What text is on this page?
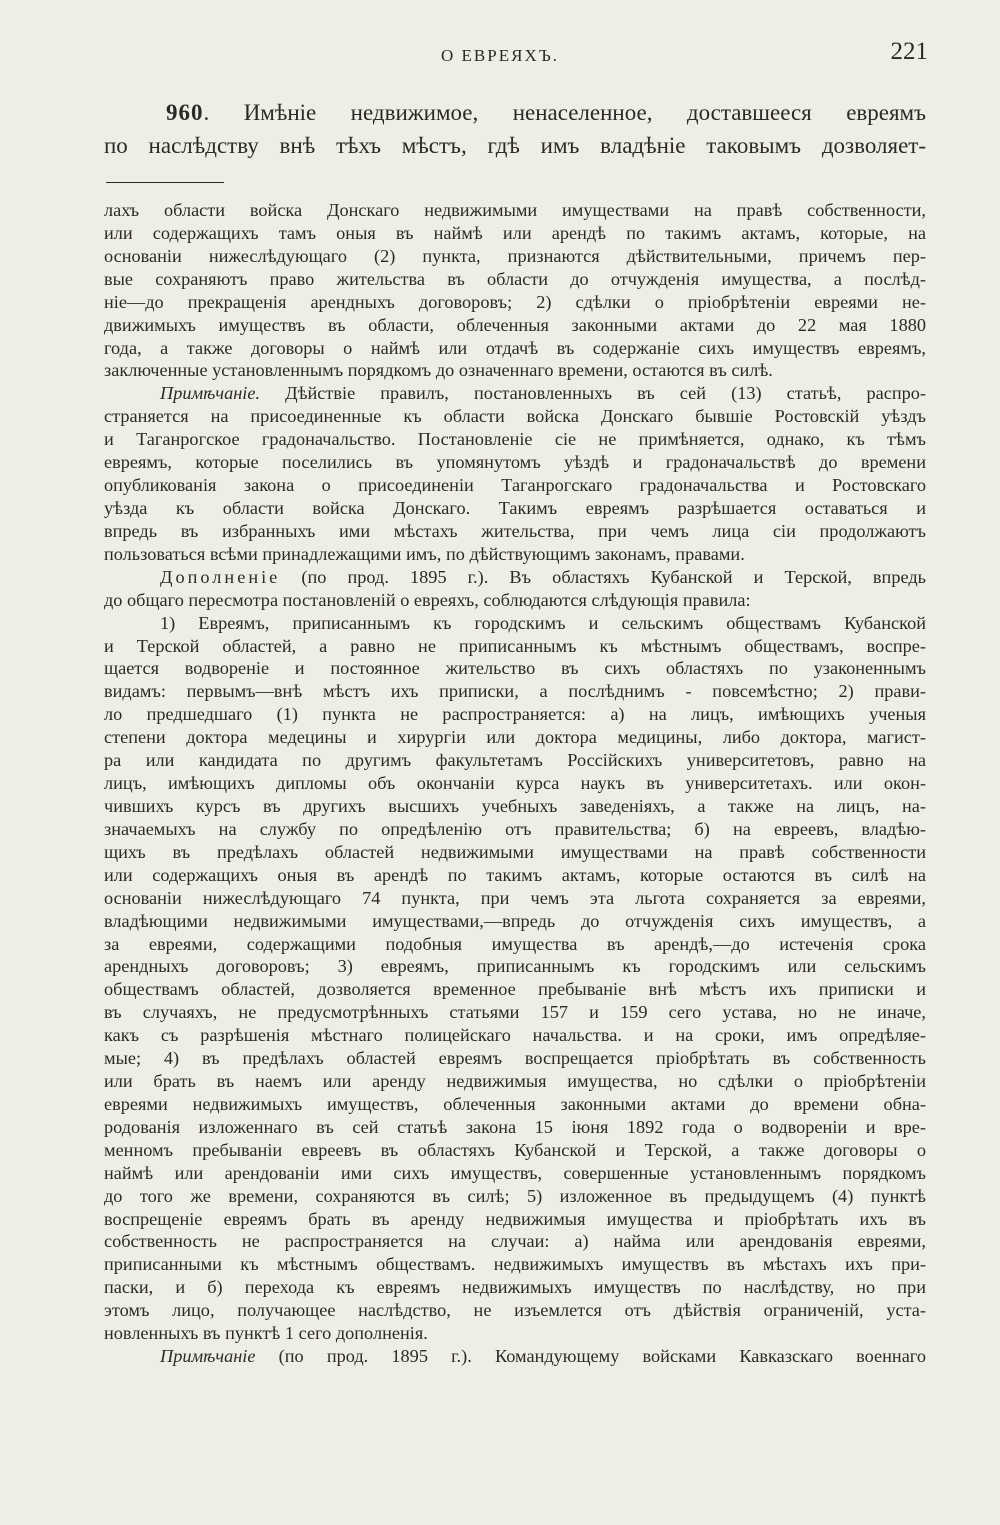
О ЕВРЕЯХЪ.	221
960. Имѣніе недвижимое, ненаселенное, доставшееся евреямъ
по наслѣдству внѣ тѣхъ мѣстъ, гдѣ имъ владѣніе таковымъ дозволяет-
лахъ области войска Донскаго недвижимыми имуществами на правѣ собственности,
или содержащихъ тамъ оныя въ наймѣ или арендѣ по такимъ актамъ, которые, на
основаніи нижеслѣдующаго (2) пункта, признаются дѣйствительными, причемъ пер-
вые сохраняютъ право жительства въ области до отчужденія имущества, а послѣд-
ніе—до прекращенія арендныхъ договоровъ; 2) сдѣлки о пріобрѣтеніи евреями не-
движимыхъ имуществъ въ области, облеченныя законными актами до 22 мая 1880
года, а также договоры о наймѣ или отдачѣ въ содержаніе сихъ имуществъ евреямъ,
заключенные установленнымъ порядкомъ до означеннаго времени, остаются въ силѣ.
Примѣчаніе. Дѣйствіе правилъ, постановленныхъ въ сей (13) статьѣ, распро-
страняется на присоединенные къ области войска Донскаго бывшіе Ростовскій уѣздъ
и Таганрогское градоначальство. Постановленіе сіе не примѣняется, однако, къ тѣмъ
евреямъ, которые поселились въ упомянутомъ уѣздѣ и градоначальствѣ до времени
опубликованія закона о присоединеніи Таганрогскаго градоначальства и Ростовскаго
уѣзда къ области войска Донскаго. Такимъ евреямъ разрѣшается оставаться и
впредь въ избранныхъ ими мѣстахъ жительства, при чемъ лица сіи продолжаютъ
пользоваться всѣми принадлежащими имъ, по дѣйствующимъ законамъ, правами.
Дополненіе (по прод. 1895 г.). Въ областяхъ Кубанской и Терской, впредь
до общаго пересмотра постановленій о евреяхъ, соблюдаются слѣдующія правила:
1) Евреямъ, приписаннымъ къ городскимъ и сельскимъ обществамъ Кубанской
и Терской областей, а равно не приписаннымъ къ мѣстнымъ обществамъ, воспре-
щается водвореніе и постоянное жительство въ сихъ областяхъ по узаконеннымъ
видамъ: первымъ—внѣ мѣстъ ихъ приписки, а послѣднимъ - повсемѣстно; 2) прави-
ло предшедшаго (1) пункта не распространяется: а) на лицъ, имѣющихъ ученыя
степени доктора медецины и хирургіи или доктора медицины, либо доктора, магист-
ра или кандидата по другимъ факультетамъ Россійскихъ университетовъ, равно на
лицъ, имѣющихъ дипломы объ окончаніи курса наукъ въ университетахъ. или окон-
чившихъ курсъ въ другихъ высшихъ учебныхъ заведеніяхъ, а также на лицъ, на-
значаемыхъ на службу по опредѣленію отъ правительства; б) на евреевъ, владѣю-
щихъ въ предѣлахъ областей недвижимыми имуществами на правѣ собственности
или содержащихъ оныя въ арендѣ по такимъ актамъ, которые остаются въ силѣ на
основаніи нижеслѣдующаго 74 пункта, при чемъ эта льгота сохраняется за евреями,
владѣющими недвижимыми имуществами,—впредь до отчужденія сихъ имуществъ, а
за евреями, содержащими подобныя имущества въ арендѣ,—до истеченія срока
арендныхъ договоровъ; 3) евреямъ, приписаннымъ къ городскимъ или сельскимъ
обществамъ областей, дозволяется временное пребываніе внѣ мѣстъ ихъ приписки и
въ случаяхъ, не предусмотрѣнныхъ статьями 157 и 159 сего устава, но не иначе,
какъ съ разрѣшенія мѣстнаго полицейскаго начальства. и на сроки, имъ опредѣляе-
мые; 4) въ предѣлахъ областей евреямъ воспрещается пріобрѣтать въ собственность
или брать въ наемъ или аренду недвижимыя имущества, но сдѣлки о пріобрѣтеніи
евреями недвижимыхъ имуществъ, облеченныя законными актами до времени обна-
родованія изложеннаго въ сей статьѣ закона 15 іюня 1892 года о водвореніи и вре-
менномъ пребываніи евреевъ въ областяхъ Кубанской и Терской, а также договоры о
наймѣ или арендованіи ими сихъ имуществъ, совершенные установленнымъ порядкомъ
до того же времени, сохраняются въ силѣ; 5) изложенное въ предыдущемъ (4) пунктѣ
воспрещеніе евреямъ брать въ аренду недвижимыя имущества и пріобрѣтать ихъ въ
собственность не распространяется на случаи: а) найма или арендованія евреями,
приписанными къ мѣстнымъ обществамъ. недвижимыхъ имуществъ въ мѣстахъ ихъ при-
паски, и б) перехода къ евреямъ недвижимыхъ имуществъ по наслѣдству, но при
этомъ лицо, получающее наслѣдство, не изъемлется отъ дѣйствія ограниченій, уста-
новленныхъ въ пунктѣ 1 сего дополненія.
Примѣчаніе (по прод. 1895 г.). Командующему войсками Кавказскаго военнаго
